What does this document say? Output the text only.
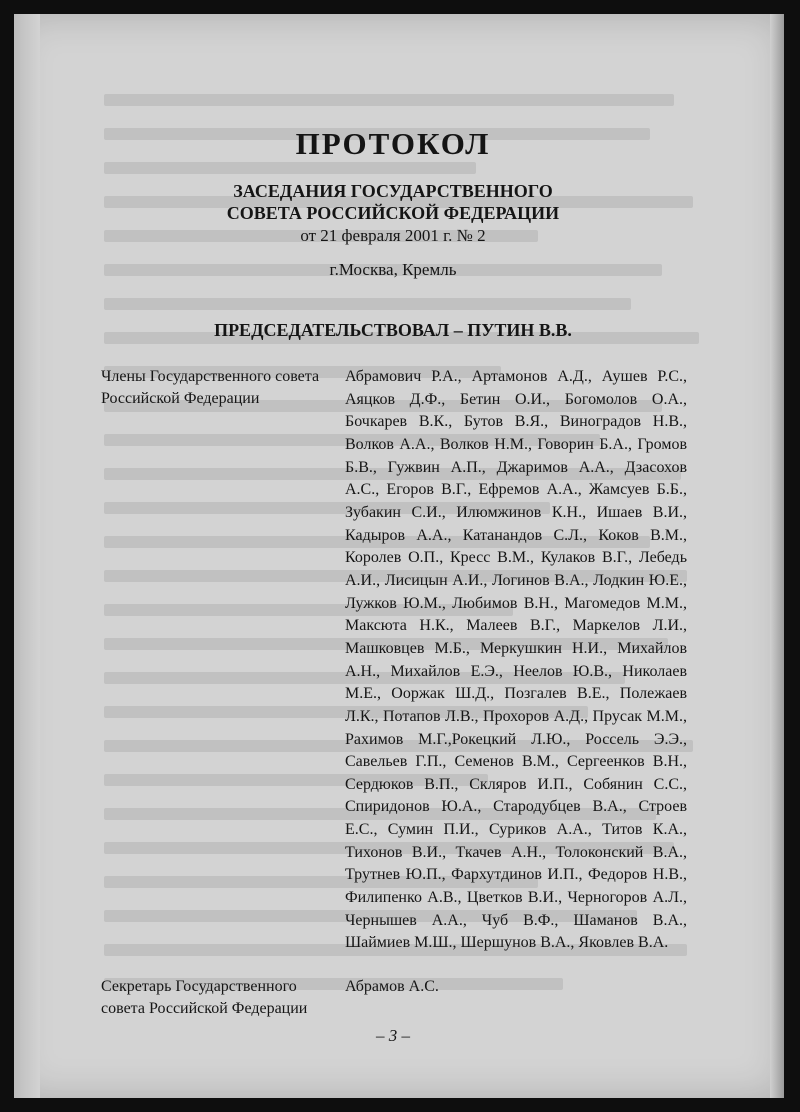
ПРОТОКОЛ
ЗАСЕДАНИЯ ГОСУДАРСТВЕННОГО
СОВЕТА РОССИЙСКОЙ ФЕДЕРАЦИИ
от 21 февраля 2001 г. № 2
г.Москва, Кремль
ПРЕДСЕДАТЕЛЬСТВОВАЛ – ПУТИН В.В.
Члены Государственного совета Российской Федерации
Абрамович Р.А., Артамонов А.Д., Аушев Р.С., Аяцков Д.Ф., Бетин О.И., Богомолов О.А., Бочкарев В.К., Бутов В.Я., Виноградов Н.В., Волков А.А., Волков Н.М., Говорин Б.А., Громов Б.В., Гужвин А.П., Джаримов А.А., Дзасохов А.С., Егоров В.Г., Ефремов А.А., Жамсуев Б.Б., Зубакин С.И., Илюмжинов К.Н., Ишаев В.И., Кадыров А.А., Катанандов С.Л., Коков В.М., Королев О.П., Кресс В.М., Кулаков В.Г., Лебедь А.И., Лисицын А.И., Логинов В.А., Лодкин Ю.Е., Лужков Ю.М., Любимов В.Н., Магомедов М.М., Максюта Н.К., Малеев В.Г., Маркелов Л.И., Машковцев М.Б., Меркушкин Н.И., Михайлов А.Н., Михайлов Е.Э., Неелов Ю.В., Николаев М.Е., Ооржак Ш.Д., Позгалев В.Е., Полежаев Л.К., Потапов Л.В., Прохоров А.Д., Прусак М.М., Рахимов М.Г.,Рокецкий Л.Ю., Россель Э.Э., Савельев Г.П., Семенов В.М., Сергеенков В.Н., Сердюков В.П., Скляров И.П., Собянин С.С., Спиридонов Ю.А., Стародубцев В.А., Строев Е.С., Сумин П.И., Суриков А.А., Титов К.А., Тихонов В.И., Ткачев А.Н., Толоконский В.А., Трутнев Ю.П., Фархутдинов И.П., Федоров Н.В., Филипенко А.В., Цветков В.И., Черногоров А.Л., Чернышев А.А., Чуб В.Ф., Шаманов В.А., Шаймиев М.Ш., Шершунов В.А., Яковлев В.А.
Секретарь Государственного совета Российской Федерации
Абрамов А.С.
– 3 –
